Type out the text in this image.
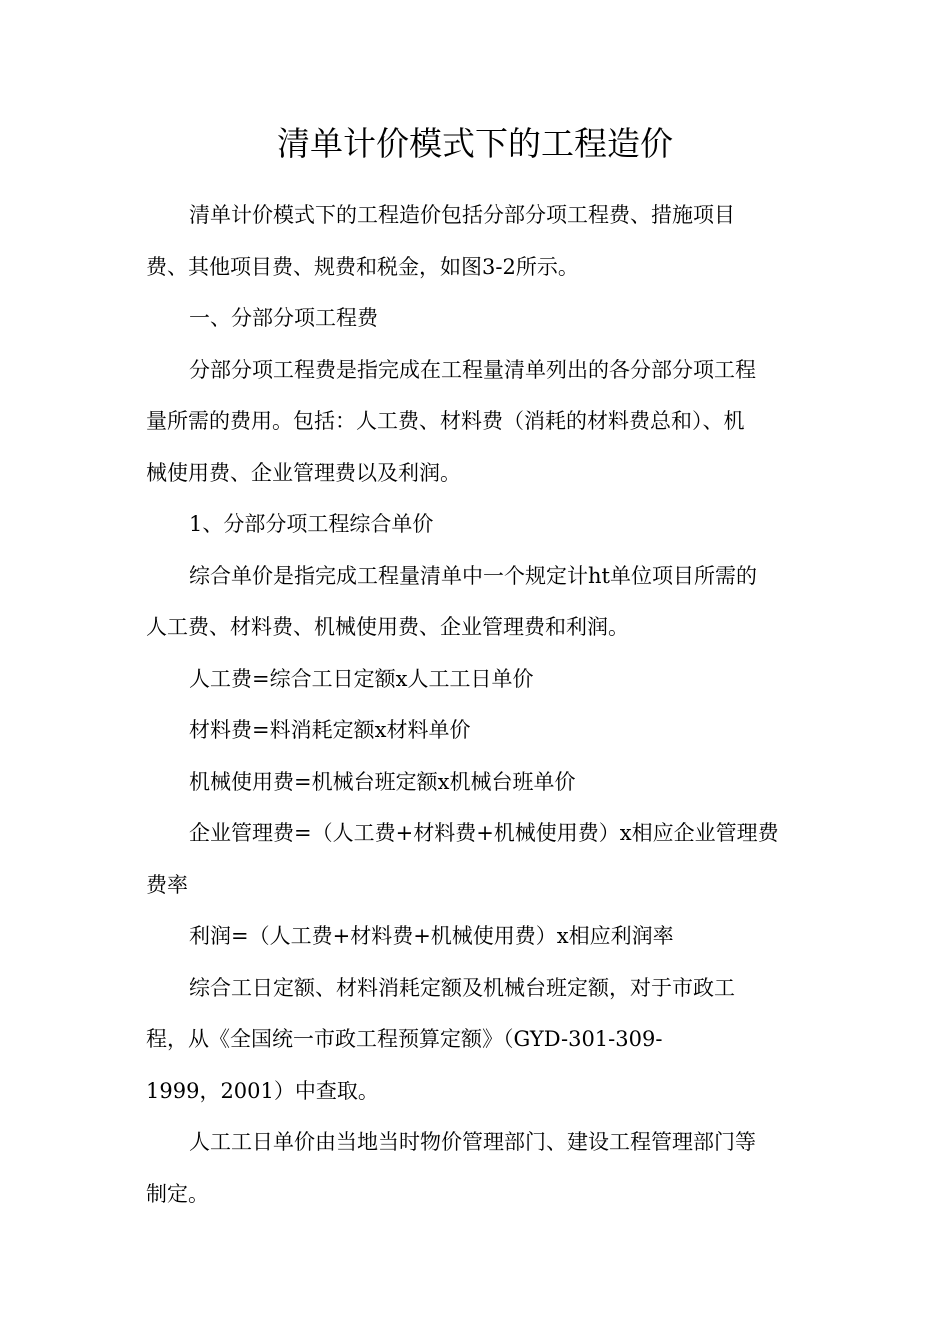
清单计价模式下的工程造价
清单计价模式下的工程造价包括分部分项工程费、措施项目
费、其他项目费、规费和税金，如图3-2所示。
一、分部分项工程费
分部分项工程费是指完成在工程量清单列出的各分部分项工程
量所需的费用。包括：人工费、材料费（消耗的材料费总和）、机
械使用费、企业管理费以及利润。
1、分部分项工程综合单价
综合单价是指完成工程量清单中一个规定计ht单位项目所需的
人工费、材料费、机械使用费、企业管理费和利润。
人工费=综合工日定额x人工工日单价
材料费=料消耗定额x材料单价
机械使用费=机械台班定额x机械台班单价
企业管理费=（人工费+材料费+机械使用费）x相应企业管理费
费率
利润=（人工费+材料费+机械使用费）x相应利润率
综合工日定额、材料消耗定额及机械台班定额，对于市政工
程，从《全国统一市政工程预算定额》（GYD-301-309-
1999，2001）中查取。
人工工日单价由当地当时物价管理部门、建设工程管理部门等
制定。
